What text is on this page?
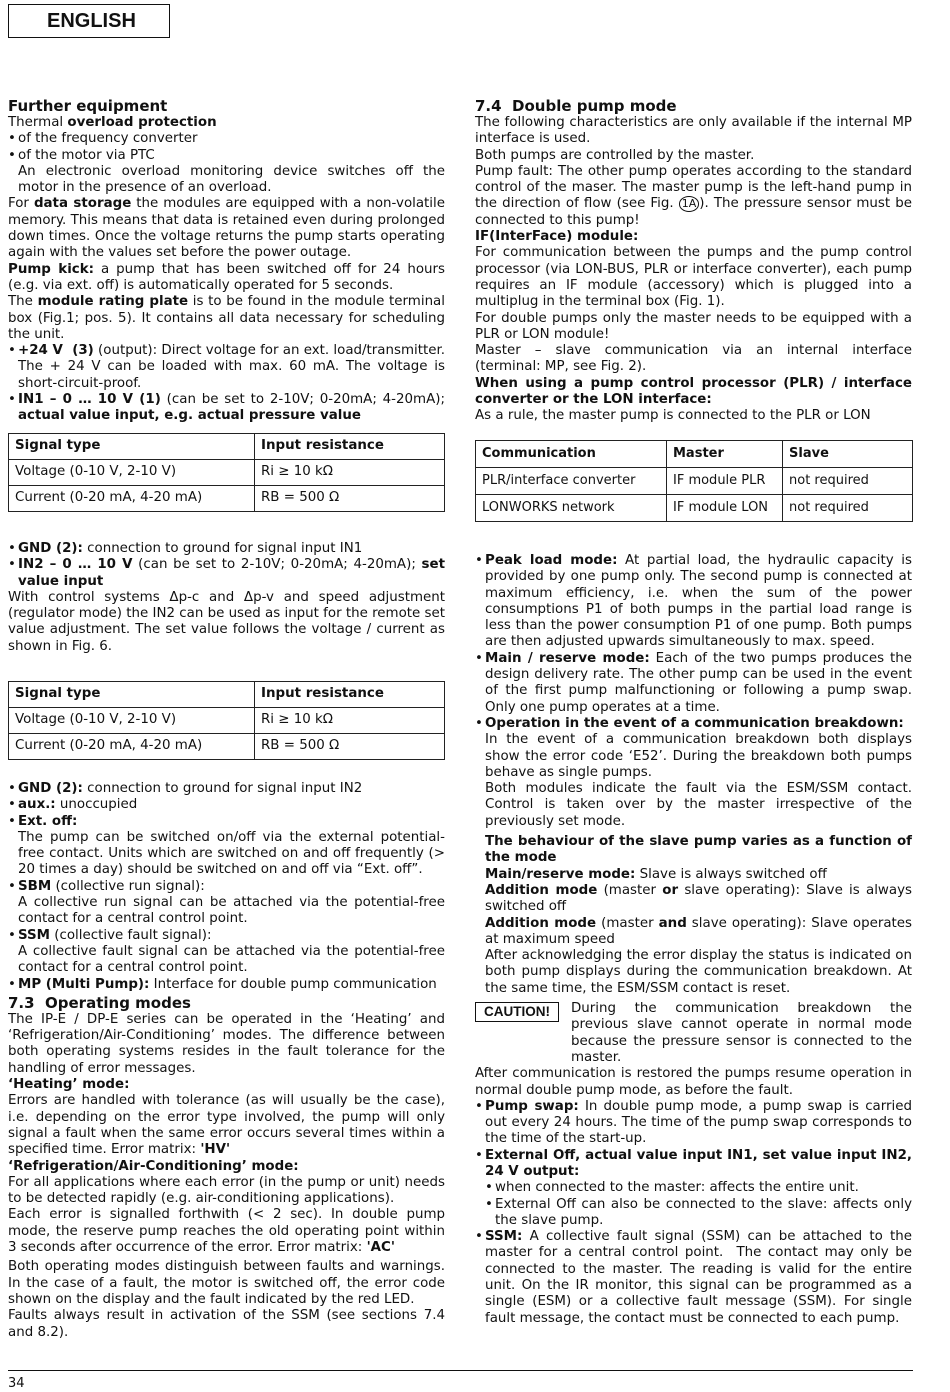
ENGLISH
Further equipment

Thermal overload protection

• of the frequency converter
• of the motor via PTC
An electronic overload monitoring device switches off the motor in the presence of an overload.

For data storage the modules are equipped with a non-volatile memory. This means that data is retained even during prolonged down times. Once the voltage returns the pump starts operating again with the values set before the power outage.

Pump kick: a pump that has been switched off for 24 hours (e.g. via ext. off) is automatically operated for 5 seconds.

The module rating plate is to be found in the module terminal box (Fig.1; pos. 5). It contains all data necessary for scheduling the unit.

• +24 V  (3) (output): Direct voltage for an ext. load/transmitter. The + 24 V can be loaded with max. 60 mA. The voltage is short-circuit-proof.
• IN1 – 0 … 10 V (1) (can be set to 2-10V; 0-20mA; 4-20mA); actual value input, e.g. actual pressure value
Signal type	Input resistance
Voltage (0-10 V, 2-10 V)	Ri ≥ 10 kΩ
Current (0-20 mA, 4-20 mA)	RB = 500 Ω
• GND (2): connection to ground for signal input IN1
• IN2 – 0 … 10 V (can be set to 2-10V; 0-20mA; 4-20mA); set value input

With control systems Δp-c and Δp-v and speed adjustment (regulator mode) the IN2 can be used as input for the remote set value adjustment. The set value follows the voltage / current as shown in Fig. 6.

Signal type	Input resistance
Voltage (0-10 V, 2-10 V)	Ri ≥ 10 kΩ
Current (0-20 mA, 4-20 mA)	RB = 500 Ω
• GND (2): connection to ground for signal input IN2
• aux.: unoccupied
• Ext. off:
The pump can be switched on/off via the external potential-free contact. Units which are switched on and off frequently (> 20 times a day) should be switched on and off via “Ext. off”.
• SBM (collective run signal):
A collective run signal can be attached via the potential-free contact for a central control point.
• SSM (collective fault signal):
A collective fault signal can be attached via the potential-free contact for a central control point.
• MP (Multi Pump): Interface for double pump communication
7.3  Operating modes

The IP-E / DP-E series can be operated in the ‘Heating’ and ‘Refrigeration/Air-Conditioning’ modes. The difference between both operating systems resides in the fault tolerance for the handling of error messages.

‘Heating’ mode:

Errors are handled with tolerance (as will usually be the case), i.e. depending on the error type involved, the pump will only signal a fault when the same error occurs several times within a specified time. Error matrix: 'HV'

‘Refrigeration/Air-Conditioning’ mode:

For all applications where each error (in the pump or unit) needs to be detected rapidly (e.g. air-conditioning applications).

Each error is signalled forthwith (< 2 sec). In double pump mode, the reserve pump reaches the old operating point within 3 seconds after occurrence of the error. Error matrix: 'AC'

Both operating modes distinguish between faults and warnings. In the case of a fault, the motor is switched off, the error code shown on the display and the fault indicated by the red LED.

Faults always result in activation of the SSM (see sections 7.4 and 8.2).

7.4  Double pump mode

The following characteristics are only available if the internal MP interface is used.

Both pumps are controlled by the master.

Pump fault: The other pump operates according to the standard control of the maser. The master pump is the left-hand pump in the direction of flow (see Fig. 1A ). The pressure sensor must be connected to this pump!

IF(InterFace) module:

For communication between the pumps and the pump control processor (via LON-BUS, PLR or interface converter), each pump requires an IF module (accessory) which is plugged into a multiplug in the terminal box (Fig. 1).

For double pumps only the master needs to be equipped with a PLR or LON module!

Master – slave communication via an internal interface (terminal: MP, see Fig. 2).

When using a pump control processor (PLR) / interface converter or the LON interface:

As a rule, the master pump is connected to the PLR or LON

Communication	Master	Slave
PLR/interface converter	IF module PLR	not required
LONWORKS network	IF module LON	not required
• Peak load mode: At partial load, the hydraulic capacity is provided by one pump only. The second pump is connected at maximum efficiency, i.e. when the sum of the power consumptions P1 of both pumps in the partial load range is less than the power consumption P1 of one pump. Both pumps are then adjusted upwards simultaneously to max. speed.
• Main / reserve mode: Each of the two pumps produces the design delivery rate. The other pump can be used in the event of the first pump malfunctioning or following a pump swap. Only one pump operates at a time.
• Operation in the event of a communication breakdown:
In the event of a communication breakdown both displays show the error code ‘E52’. During the breakdown both pumps behave as single pumps.
Both modules indicate the fault via the ESM/SSM contact. Control is taken over by the master irrespective of the previously set mode.
The behaviour of the slave pump varies as a function of the mode
Main/reserve mode: Slave is always switched off
Addition mode (master or slave operating): Slave is always switched off
Addition mode (master and slave operating): Slave operates at maximum speed
After acknowledging the error display the status is indicated on both pump displays during the communication breakdown. At the same time, the ESM/SSM contact is reset.
CAUTION!	During the communication breakdown the previous slave cannot operate in normal mode because the pressure sensor is connected to the master.

After communication is restored the pumps resume operation in normal double pump mode, as before the fault.

• Pump swap: In double pump mode, a pump swap is carried out every 24 hours. The time of the pump swap corresponds to the time of the start-up.
• External Off, actual value input IN1, set value input IN2, 24 V output:
• when connected to the master: affects the entire unit.
• External Off can also be connected to the slave: affects only the slave pump.
• SSM: A collective fault signal (SSM) can be attached to the master for a central control point.  The contact may only be connected to the master. The reading is valid for the entire unit. On the IR monitor, this signal can be programmed as a single (ESM) or a collective fault message (SSM). For single fault message, the contact must be connected to each pump.
34
